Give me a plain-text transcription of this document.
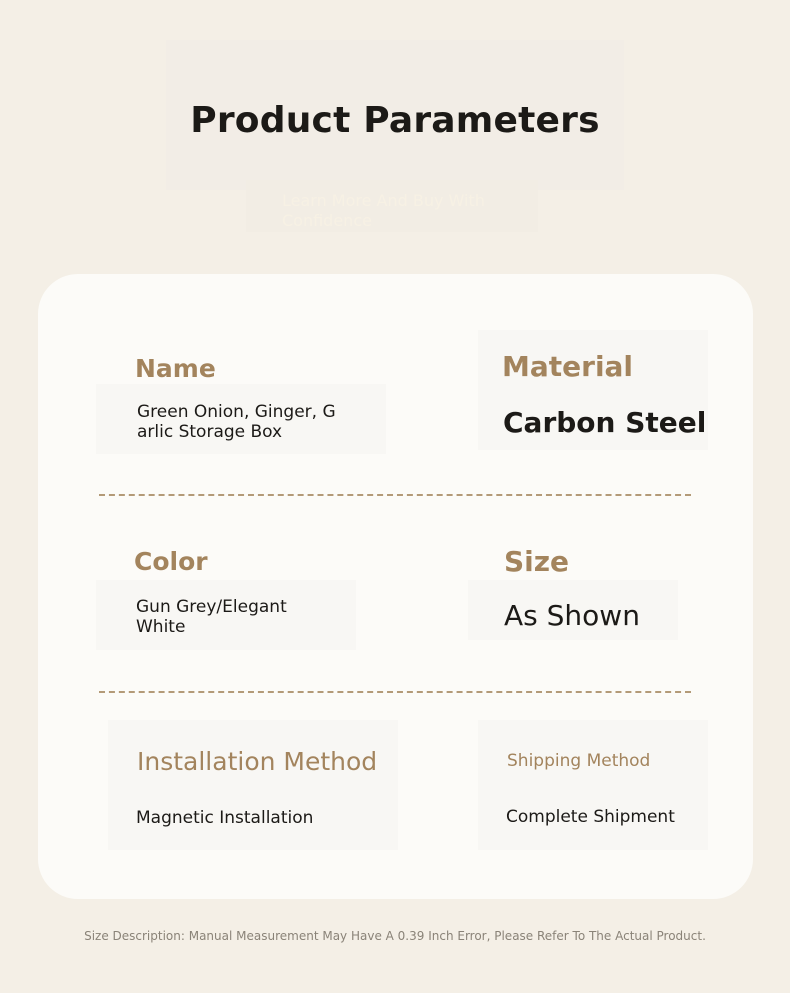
Product Parameters
Learn More And Buy With Confidence
Name
Green Onion, Ginger, Garlic Storage Box
Material
Carbon Steel
Color
Gun Grey/Elegant White
Size
As Shown
Installation Method
Magnetic Installation
Shipping Method
Complete Shipment
Size Description: Manual Measurement May Have A 0.39 Inch Error, Please Refer To The Actual Product.
